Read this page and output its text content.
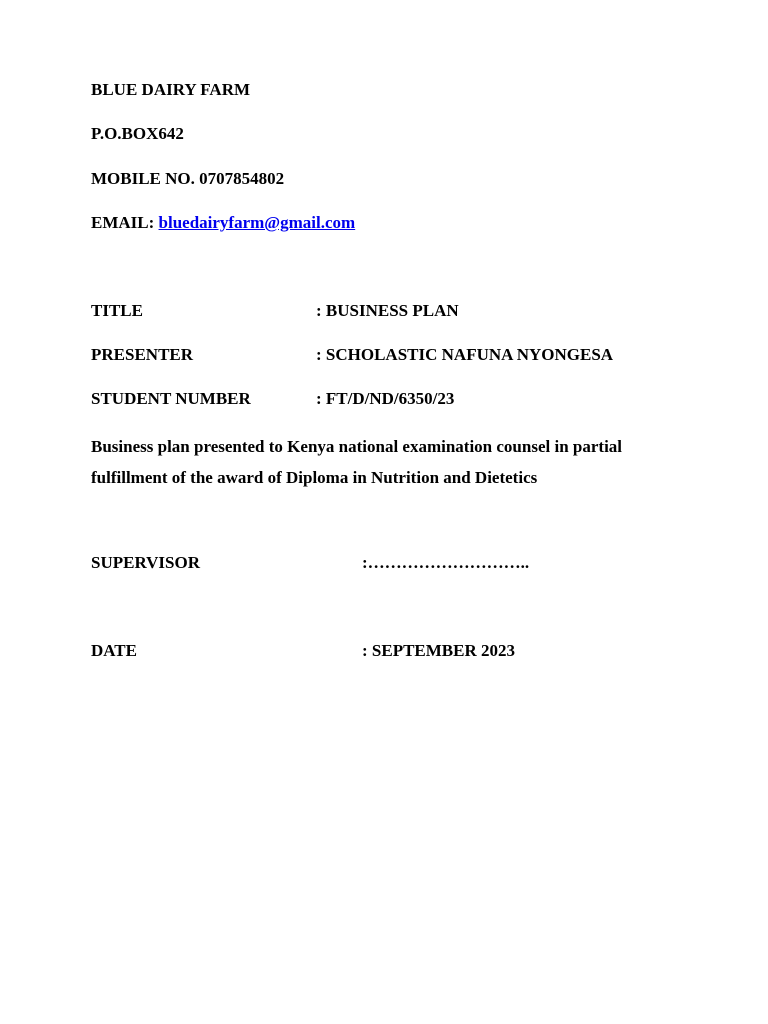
BLUE DAIRY FARM
P.O.BOX642
MOBILE NO. 0707854802
EMAIL: bluedairyfarm@gmail.com
TITLE	: BUSINESS PLAN
PRESENTER	: SCHOLASTIC NAFUNA NYONGESA
STUDENT NUMBER	: FT/D/ND/6350/23
Business plan presented to Kenya national examination counsel in partial
fulfillment of the award of Diploma in Nutrition and Dietetics
SUPERVISOR	:………………………..
DATE	: SEPTEMBER 2023
